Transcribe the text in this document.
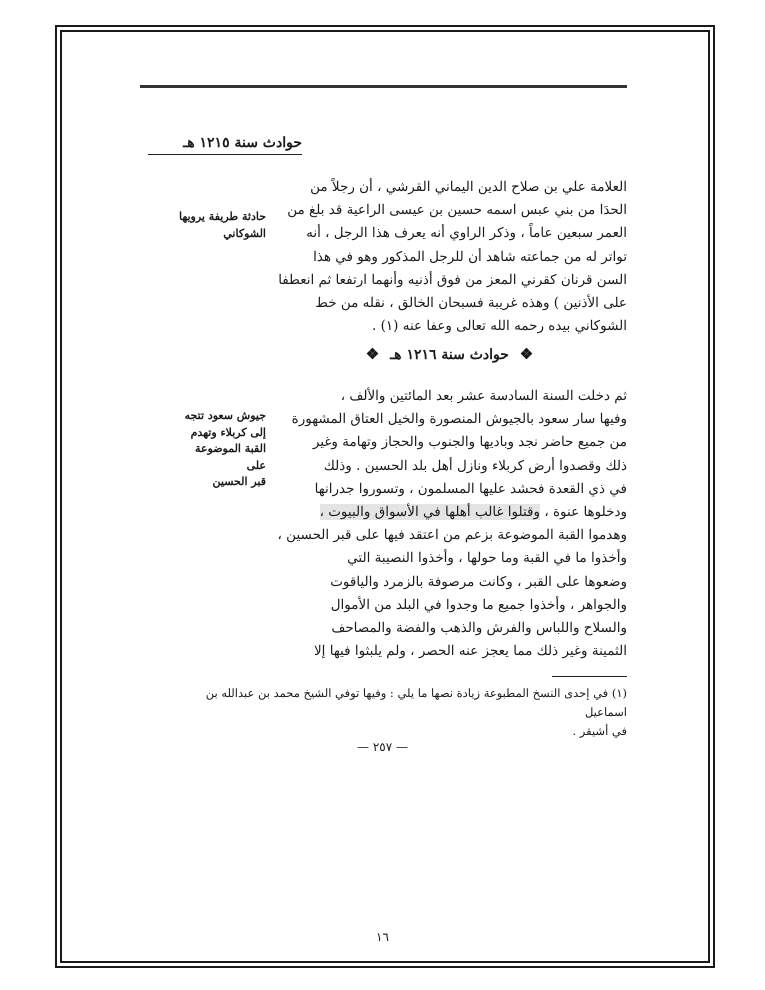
حوادث سنة ١٢١٥ هـ
العلامة علي بن صلاح الدين اليماني القرشي ، أن رجلاً من
الحدَا من بني عبس اسمه حسين بن عيسى الراعية قد بلغ من
العمر سبعين عاماً ، وذكر الراوي أنه يعرف هذا الرجل ، أنه
تواتر له من جماعته شاهد أن للرجل المذكور وهو في هذا
السن قرنان كقرني المعز من فوق أذنيه وأنهما ارتفعا ثم انعطفا
على الأذنين ) وهذه غريبة فسبحان الخالق ، نقله من خط
الشوكاني بيده رحمه الله تعالى وعفا عنه (١) .
حادثة طريفة يرويها
الشوكاني
❖ حوادث سنة ١٢١٦ هـ ❖
ثم دخلت السنة السادسة عشر بعد المائتين والألف ،
وفيها سار سعود بالجيوش المنصورة والخيل العتاق المشهورة
من جميع حاضر نجد وباديها والجنوب والحجاز وتهامة وغير
ذلك وقصدوا أرض كربلاء ونازل أهل بلد الحسين . وذلك
في ذي القعدة فحشد عليها المسلمون ، وتسوروا جدرانها
ودخلوها عنوة ، وقتلوا غالب أهلها في الأسواق والبيوت ،
وهدموا القبة الموضوعة بزعم من اعتقد فيها على قبر الحسين ،
وأخذوا ما في القبة وما حولها ، وأخذوا النصيبة التي
وضعوها على القبر ، وكانت مرصوفة بالزمرد والياقوت
والجواهر ، وأخذوا جميع ما وجدوا في البلد من الأموال
والسلاح واللباس والفرش والذهب والفضة والمصاحف
الثمينة وغير ذلك مما يعجز عنه الحصر ، ولم يلبثوا فيها إلا
جيوش سعود تتجه
إلى كربلاء وتهدم
القبة الموضوعة على
قبر الحسين
(١) في إحدى النسخ المطبوعة زيادة نصها ما يلي : وفيها توفي الشيخ محمد بن عبدالله بن اسماعيل
في أشيقر .
— ٢٥٧ —
١٦
